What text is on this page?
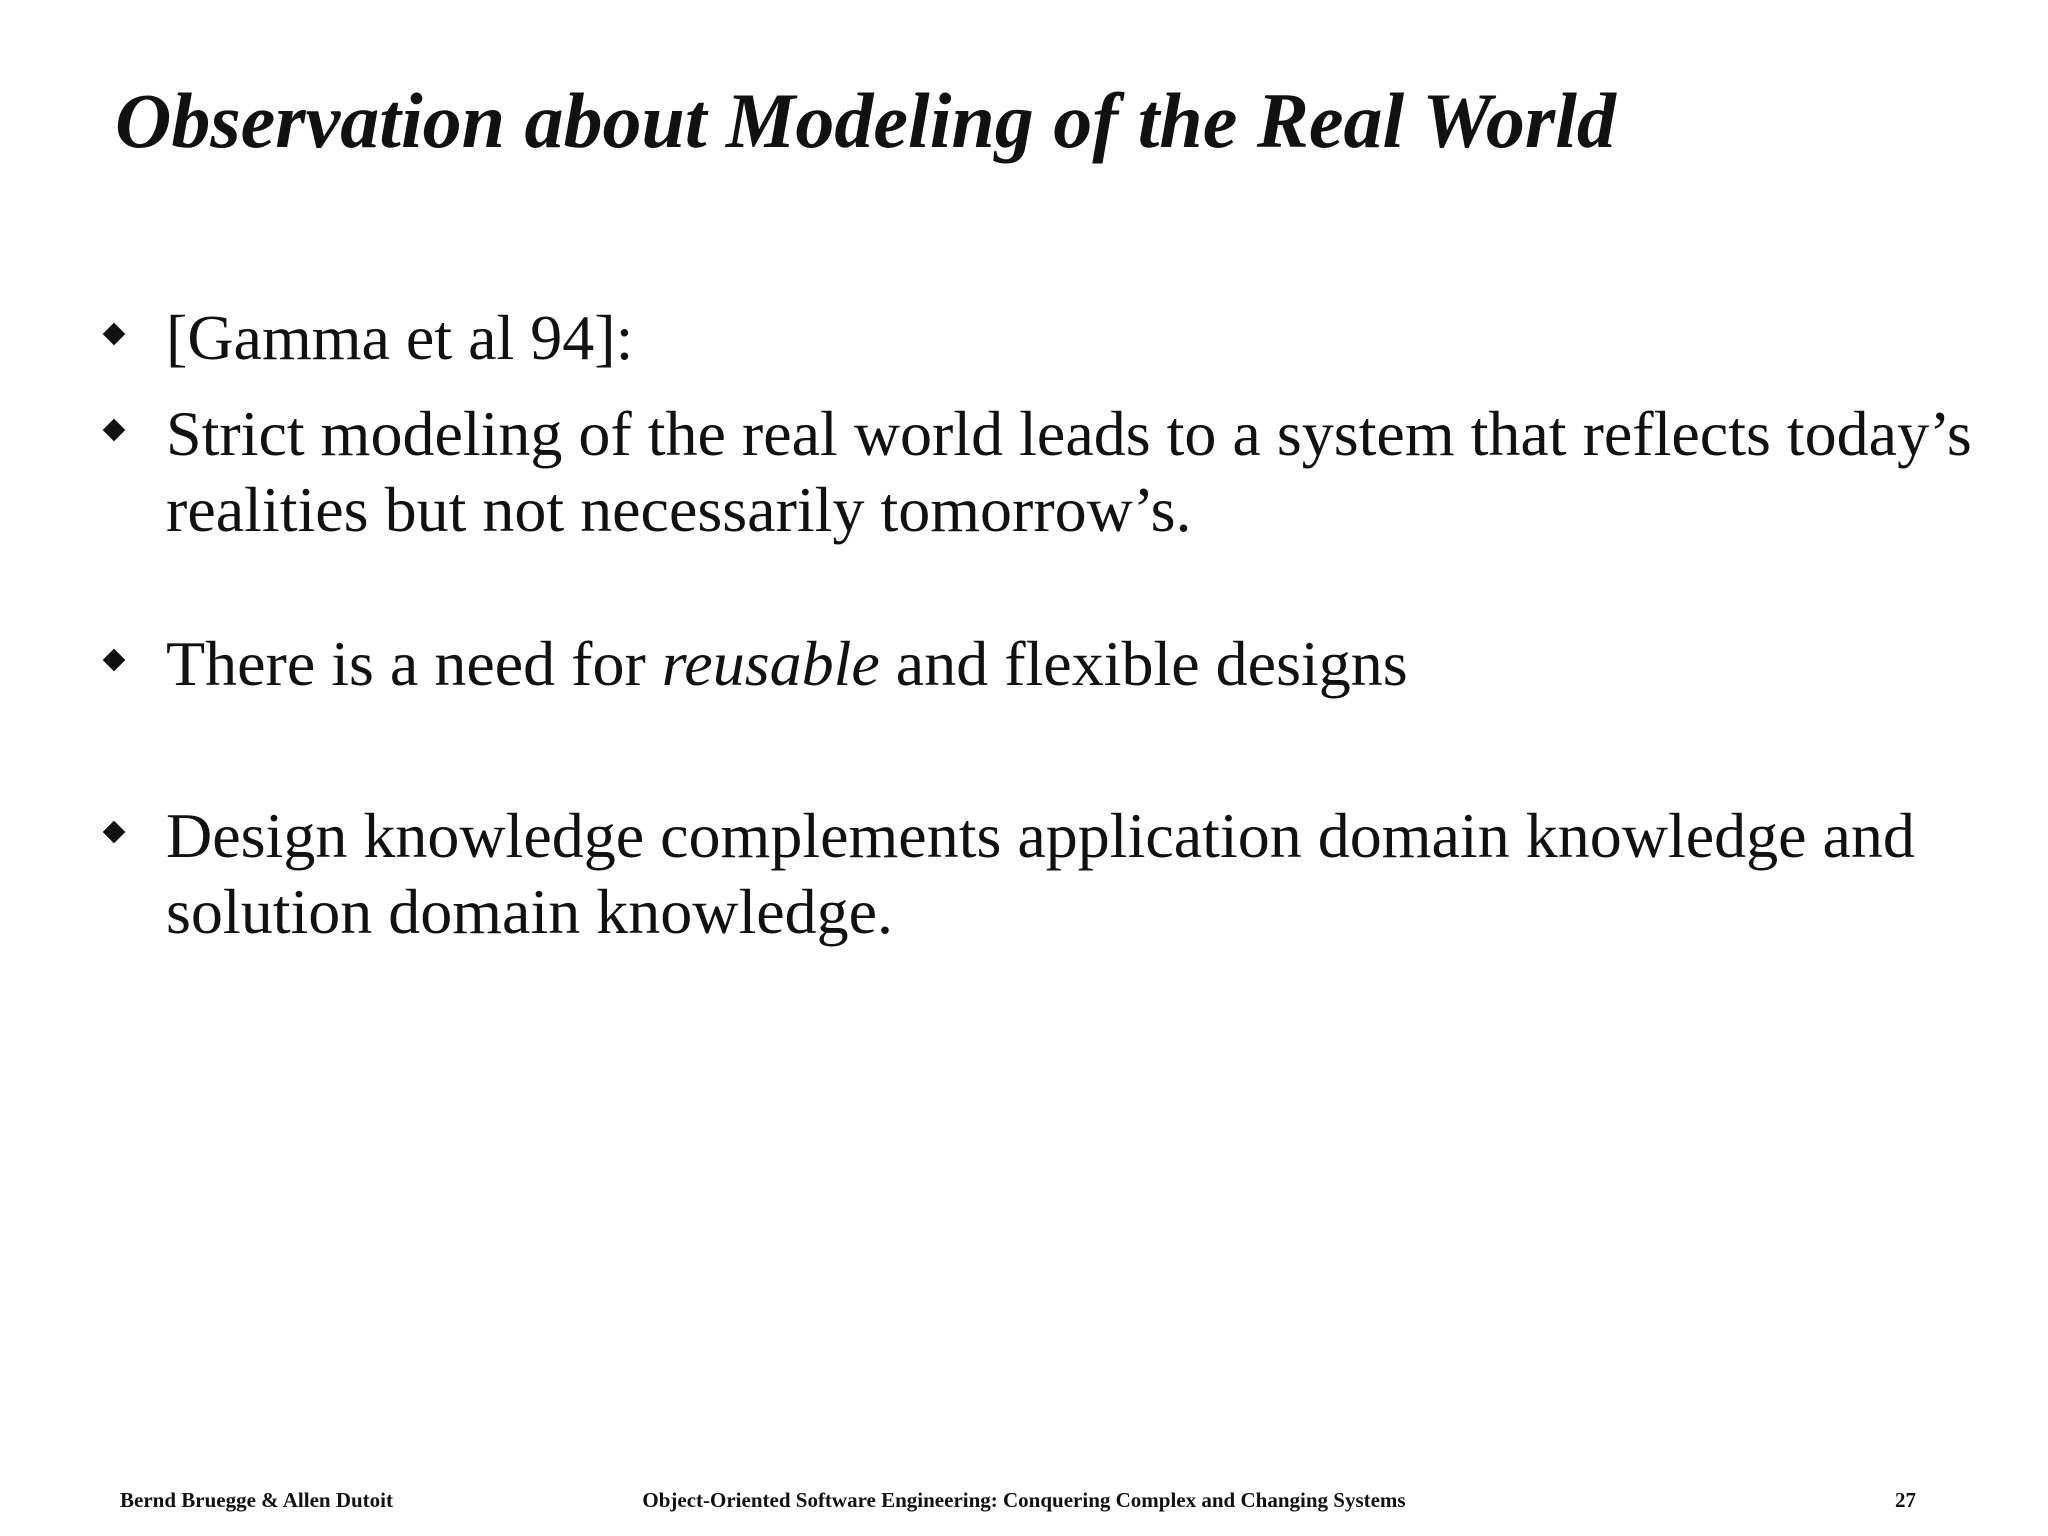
Observation about Modeling of the Real World
[Gamma et al 94]:
Strict modeling of the real world leads to a system that reflects today’s realities but not necessarily tomorrow’s.
There is a need for reusable and flexible designs
Design knowledge complements application domain knowledge and solution domain knowledge.
Bernd Bruegge & Allen Dutoit	Object-Oriented Software Engineering: Conquering Complex and Changing Systems	27
